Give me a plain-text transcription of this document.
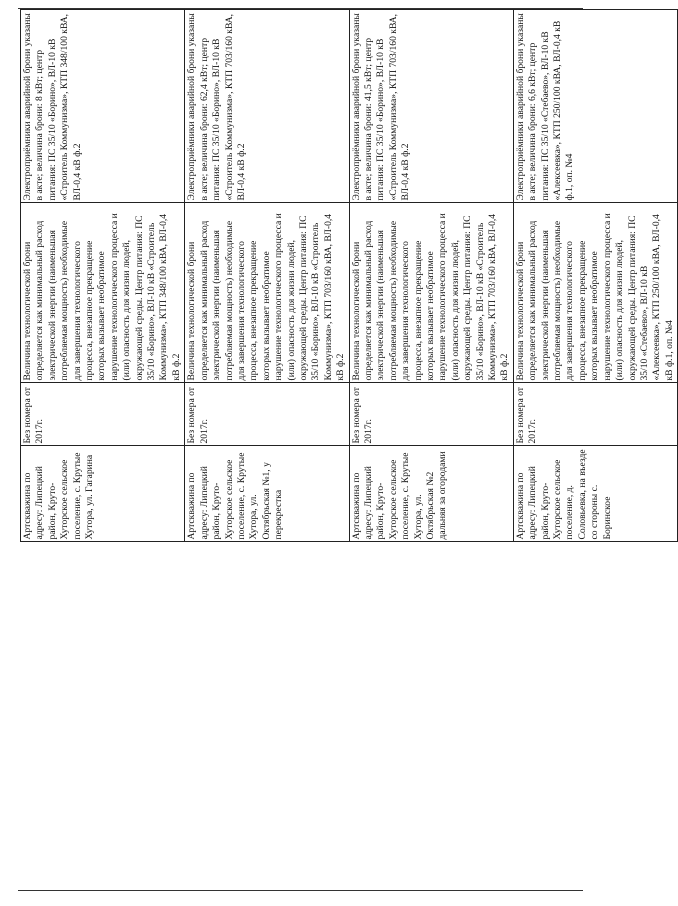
	Артскважина по адресу: Липецкий район, Круто-Хуторское сельское поселение, с. Крутые Хутора, ул. Гагарина	Без номера от 2017г.	Величина технологической брони определяется как минимальный расход электрической энергии (наименьшая потребляемая мощность) необходимые для завершения технологического процесса, внезапное прекращение которых вызывает необратимое нарушение технологического процесса и (или) опасность для жизни людей, окружающей среды. Центр питания: ПС 35/10 «Борино», ВЛ-10 кВ «Строитель Коммунизма», КТП 348/100 кВА, ВЛ-0,4 кВ ф.2	Электроприёмники аварийной брони указаны в акте; величина брони: 8 кВт; центр питания: ПС 35/10 «Борино», ВЛ-10 кВ «Строитель Коммунизма», КТП 348/100 кВА, ВЛ-0,4 кВ ф.2
	Артскважина по адресу: Липецкий район, Круто-Хуторское сельское поселение, с. Крутые Хутора, ул. Октябрьская №1, у перекрестка	Без номера от 2017г.	Величина технологической брони определяется как минимальный расход электрической энергии (наименьшая потребляемая мощность) необходимые для завершения технологического процесса, внезапное прекращение которых вызывает необратимое нарушение технологического процесса и (или) опасность для жизни людей, окружающей среды. Центр питания: ПС 35/10 «Борино», ВЛ-10 кВ «Строитель Коммунизма», КТП 703/160 кВА, ВЛ-0,4 кВ ф.2	Электроприёмники аварийной брони указаны в акте; величина брони: 62,4 кВт; центр питания: ПС 35/10 «Борино», ВЛ-10 кВ «Строитель Коммунизма», КТП 703/160 кВА, ВЛ-0,4 кВ ф.2
	Артскважина по адресу: Липецкий район, Круто-Хуторское сельское поселение, с. Крутые Хутора, ул. Октябрьская №2 дальняя за огородами	Без номера от 2017г.	Величина технологической брони определяется как минимальный расход электрической энергии (наименьшая потребляемая мощность) необходимые для завершения технологического процесса, внезапное прекращение которых вызывает необратимое нарушение технологического процесса и (или) опасность для жизни людей, окружающей среды. Центр питания: ПС 35/10 «Борино», ВЛ-10 кВ «Строитель Коммунизма», КТП 703/160 кВА, ВЛ-0,4 кВ ф.2	Электроприёмники аварийной брони указаны в акте; величина брони: 41,5 кВт; центр питания: ПС 35/10 «Борино», ВЛ-10 кВ «Строитель Коммунизма», КТП 703/160 кВА, ВЛ-0,4 кВ ф.2
	Артскважина по адресу: Липецкий район, Круто-Хуторское сельское поселение, д. Соловьевка, на въезде со стороны с. Боринское	Без номера от 2017г.	Величина технологической брони определяется как минимальный расход электрической энергии (наименьшая потребляемая мощность) необходимые для завершения технологического процесса, внезапное прекращение которых вызывает необратимое нарушение технологического процесса и (или) опасность для жизни людей, окружающей среды. Центр питания: ПС 35/10 «Стебаево», ВЛ-10 кВ «Алексеевка», КТП 250/100 кВА, ВЛ-0,4 кВ ф.1, оп. №4	Электроприёмники аварийной брони указаны в акте; величина брони: 6,6 кВт; центр питания: ПС 35/10 «Стебаево», ВЛ-10 кВ «Алексеевка», КТП 250/100 кВА, ВЛ-0,4 кВ ф.1, оп. №4
